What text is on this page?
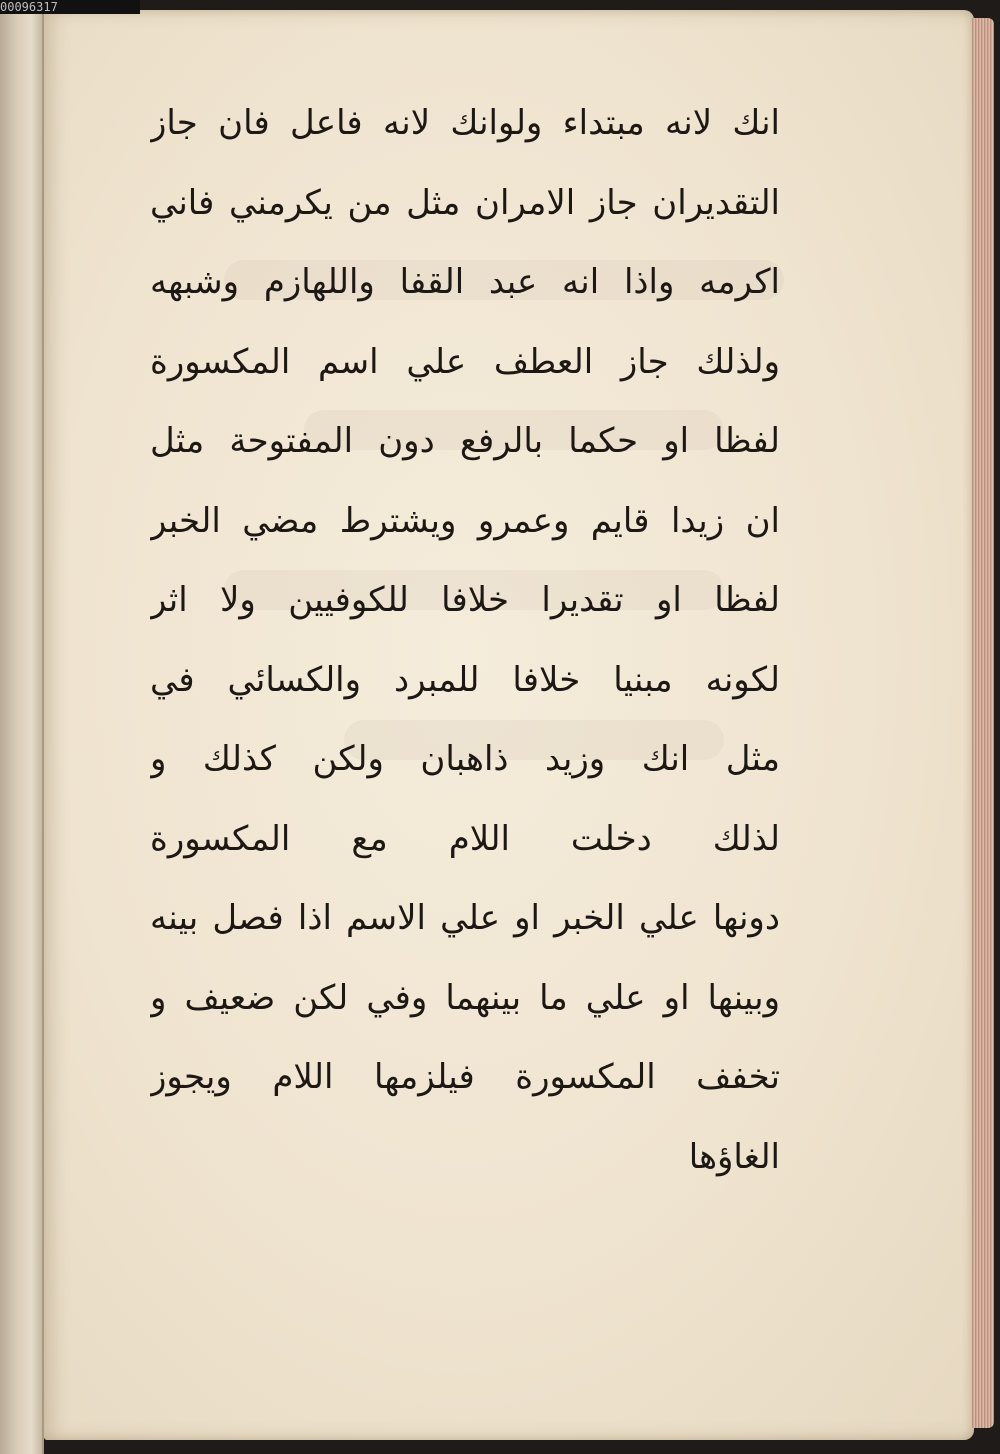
00096317
انك لانه مبتداء ولوانك لانه فاعل فان جاز
التقديران جاز الامران مثل من يكرمني فاني
اكرمه واذا انه عبد القفا واللهازم وشبهه
ولذلك جاز العطف علي اسم المكسورة
لفظا او حكما بالرفع دون المفتوحة مثل
ان زيدا قايم وعمرو ويشترط مضي الخبر
لفظا او تقديرا خلافا للكوفيين ولا اثر
لكونه مبنيا خلافا للمبرد والكسائي في
مثل انك وزيد ذاهبان ولكن كذلك و
لذلك دخلت اللام مع المكسورة
دونها علي الخبر او علي الاسم اذا فصل بينه
وبينها او علي ما بينهما وفي لكن ضعيف و
تخفف المكسورة فيلزمها اللام ويجوز
الغاؤها
